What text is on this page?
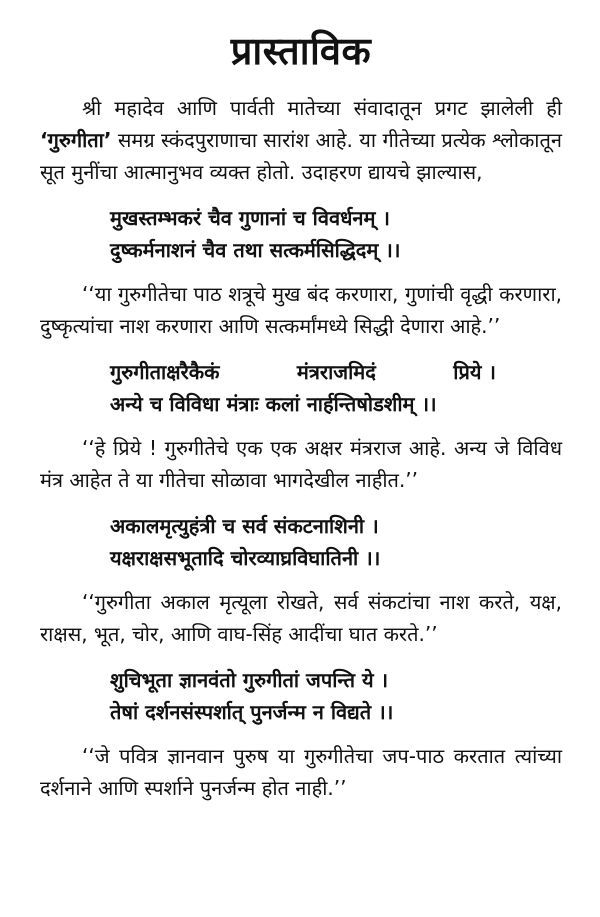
प्रास्ताविक

श्री महादेव आणि पार्वती मातेच्या संवादातून प्रगट झालेली ही ‘गुरुगीता’ समग्र स्कंदपुराणाचा सारांश आहे. या गीतेच्या प्रत्येक श्लोकातून सूत मुनींचा आत्मानुभव व्यक्त होतो. उदाहरण द्यायचे झाल्यास,

मुखस्तम्भकरं चैव गुणानां च विवर्धनम् ।
दुष्कर्मनाशनं चैव तथा सत्कर्मसिद्धिदम् ।।

‘‘या गुरुगीतेचा पाठ शत्रूचे मुख बंद करणारा, गुणांची वृद्धी करणारा, दुष्कृत्यांचा नाश करणारा आणि सत्कर्मांमध्ये सिद्धी देणारा आहे.’’

गुरुगीताक्षरैकैकं	मंत्रराजमिदं	प्रिये ।
अन्ये च विविधा मंत्राः कलां नार्हन्तिषोडशीम् ।।

‘‘हे प्रिये ! गुरुगीतेचे एक एक अक्षर मंत्रराज आहे. अन्य जे विविध मंत्र आहेत ते या गीतेचा सोळावा भागदेखील नाहीत.’’

अकालमृत्युहंत्री च सर्व संकटनाशिनी ।
यक्षराक्षसभूतादि चोरव्याघ्रविघातिनी ।।

‘‘गुरुगीता अकाल मृत्यूला रोखते, सर्व संकटांचा नाश करते, यक्ष, राक्षस, भूत, चोर, आणि वाघ-सिंह आदींचा घात करते.’’

शुचिभूता ज्ञानवंतो गुरुगीतां जपन्ति ये ।
तेषां दर्शनसंस्पर्शात् पुनर्जन्म न विद्यते ।।

‘‘जे पवित्र ज्ञानवान पुरुष या गुरुगीतेचा जप-पाठ करतात त्यांच्या दर्शनाने आणि स्पर्शाने पुनर्जन्म होत नाही.’’
